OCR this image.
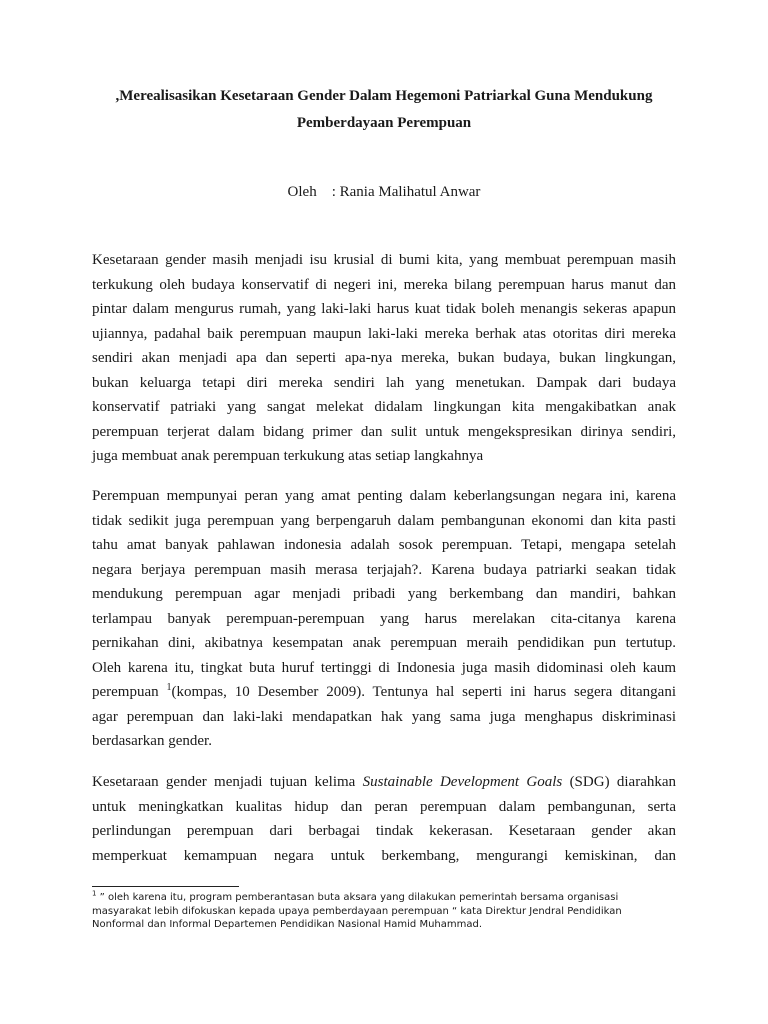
,Merealisasikan Kesetaraan Gender Dalam Hegemoni Patriarkal Guna Mendukung
Pemberdayaan Perempuan
Oleh    : Rania Malihatul Anwar

Kesetaraan gender masih menjadi isu krusial di bumi kita, yang membuat perempuan masih
terkukung oleh budaya konservatif di negeri ini, mereka bilang perempuan harus manut dan
pintar dalam mengurus rumah, yang laki-laki harus kuat tidak boleh menangis sekeras apapun
ujiannya, padahal baik perempuan maupun laki-laki mereka berhak atas otoritas diri mereka
sendiri akan menjadi apa dan seperti apa-nya mereka, bukan budaya, bukan lingkungan,
bukan keluarga tetapi diri mereka sendiri lah yang menetukan. Dampak dari budaya
konservatif patriaki yang sangat melekat didalam lingkungan kita mengakibatkan anak
perempuan terjerat dalam bidang primer dan sulit untuk mengekspresikan dirinya sendiri,
juga membuat anak perempuan terkukung atas setiap langkahnya

Perempuan mempunyai peran yang amat penting dalam keberlangsungan negara ini, karena
tidak sedikit juga perempuan yang berpengaruh dalam pembangunan ekonomi dan kita pasti
tahu amat banyak pahlawan indonesia adalah sosok perempuan. Tetapi, mengapa setelah
negara berjaya perempuan masih merasa terjajah?. Karena budaya patriarki seakan tidak
mendukung perempuan agar menjadi pribadi yang berkembang dan mandiri, bahkan
terlampau banyak perempuan-perempuan yang harus merelakan cita-citanya karena
pernikahan dini, akibatnya kesempatan anak perempuan meraih pendidikan pun tertutup.
Oleh karena itu, tingkat buta huruf tertinggi di Indonesia juga masih didominasi oleh kaum
perempuan $^1$(kompas, 10 Desember 2009). Tentunya hal seperti ini harus segera ditangani
agar perempuan dan laki-laki mendapatkan hak yang sama juga menghapus diskriminasi
berdasarkan gender.

Kesetaraan gender menjadi tujuan kelima Sustainable Development Goals (SDG) diarahkan
untuk meningkatkan kualitas hidup dan peran perempuan dalam pembangunan, serta
perlindungan perempuan dari berbagai tindak kekerasan. Kesetaraan gender akan
memperkuat kemampuan negara untuk berkembang, mengurangi kemiskinan, dan

$^1$ ” oleh karena itu, program pemberantasan buta aksara yang dilakukan pemerintah bersama organisasi
masyarakat lebih difokuskan kepada upaya pemberdayaan perempuan “ kata Direktur Jendral Pendidikan
Nonformal dan Informal Departemen Pendidikan Nasional Hamid Muhammad.
